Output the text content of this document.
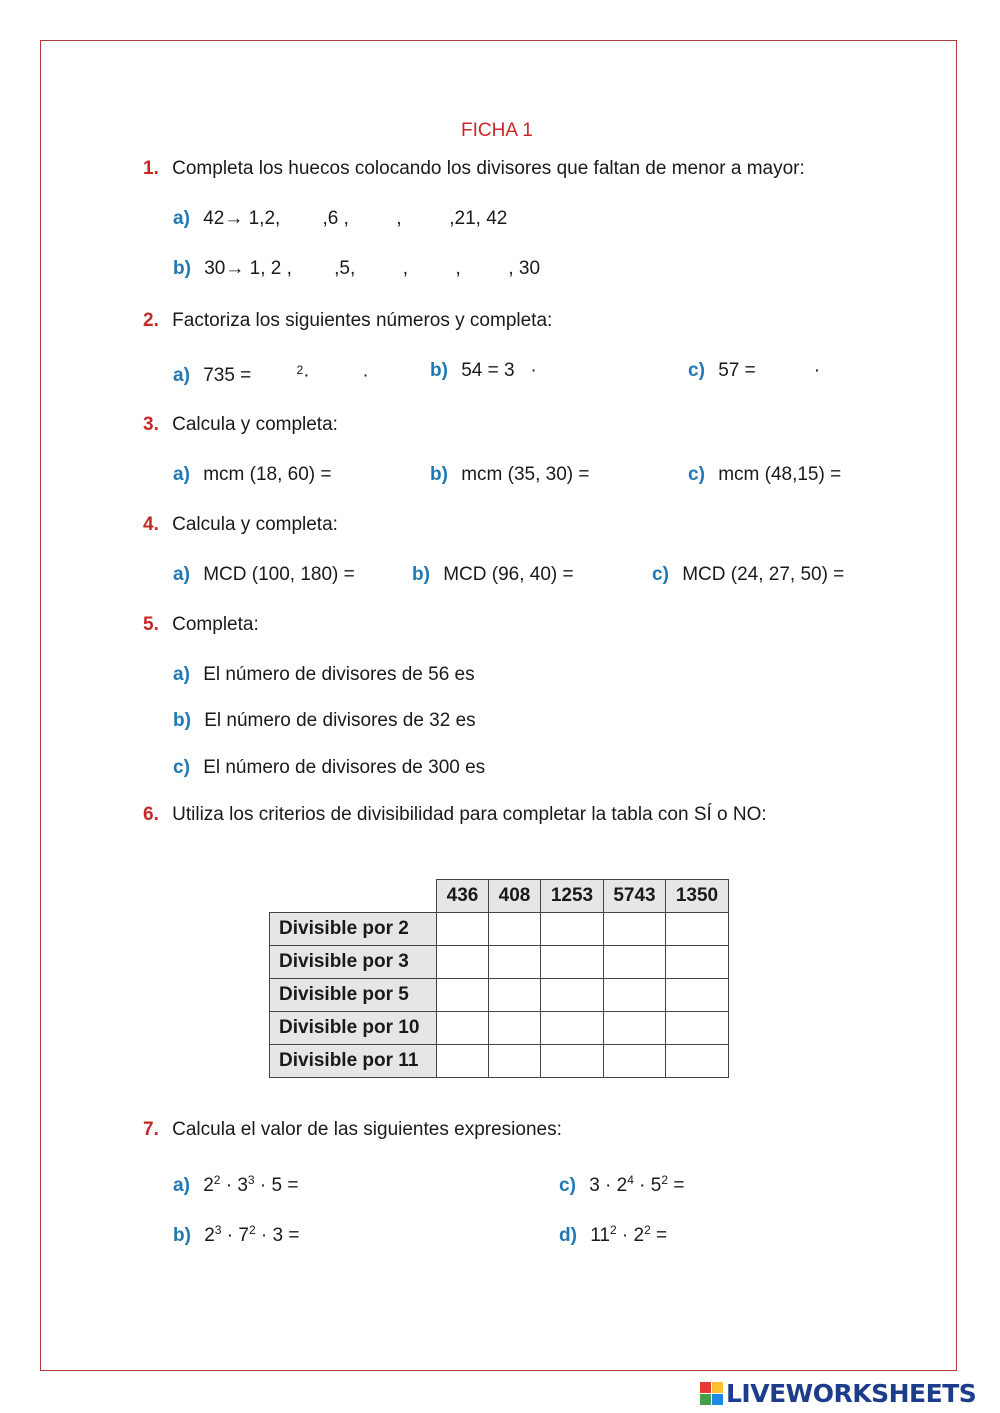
FICHA 1
1. Completa los huecos colocando los divisores que faltan de menor a mayor:
a) 42→ 1,2,        ,6 ,         ,         ,21, 42
b) 30→ 1, 2 ,        ,5,         ,         ,         , 30
2. Factoriza los siguientes números y completa:
a) 735 =	$^2$·          ·	b) 54 = 3   ·	c) 57 =           ·
3. Calcula y completa:
a) mcm (18, 60) =	b) mcm (35, 30) =	c) mcm (48,15) =
4. Calcula y completa:
a) MCD (100, 180) =	b) MCD (96, 40) =	c) MCD (24, 27, 50) =
5. Completa:
a) El número de divisores de 56 es
b) El número de divisores de 32 es
c) El número de divisores de 300 es
6. Utiliza los criterios de divisibilidad para completar la tabla con SÍ o NO:
	436	408	1253	5743	1350
Divisible por 2					
Divisible por 3					
Divisible por 5					
Divisible por 10					
Divisible por 11					
7. Calcula el valor de las siguientes expresiones:
a) $2^2 \cdot 3^3 \cdot 5$ =
b) $2^3 \cdot 7^2 \cdot 3$ =
c) $3 \cdot 2^4 \cdot 5^2$ =
d) $11^2 \cdot 2^2$ =
LIVEWORKSHEETS
